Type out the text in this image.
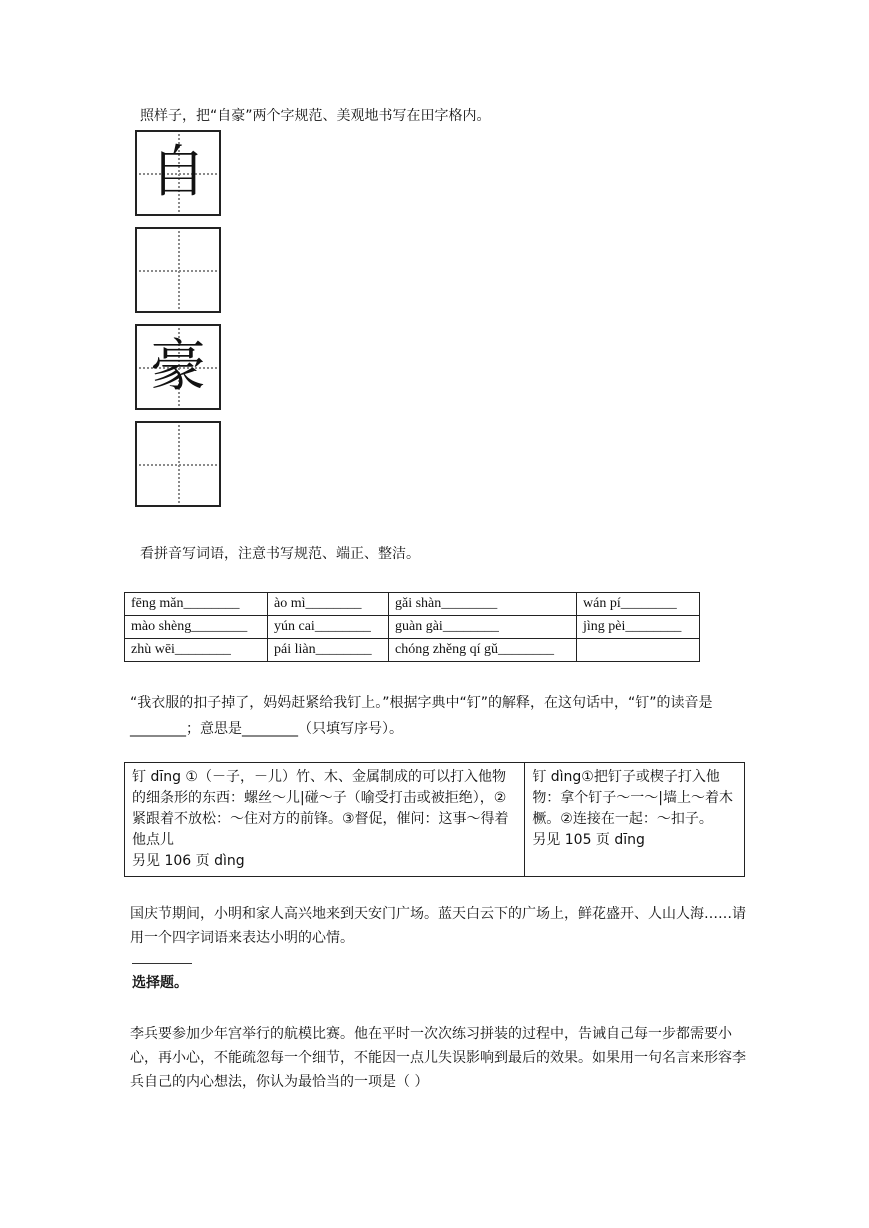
照样子，把“自豪”两个字规范、美观地书写在田字格内。

自
豪

看拼音写词语，注意书写规范、端正、整洁。

fēng mǎn________	ào mì________	gǎi shàn________	wán pí________
mào shèng________	yún cai________	guàn gài________	jìng pèi________
zhù wēi________	pái liàn________	chóng zhěng qí gǔ________	

“我衣服的扣子掉了，妈妈赶紧给我钉上。”根据字典中“钉”的解释，在这句话中，“钉”的读音是________；意思是________（只填写序号）。

钉 dīng ①（－子，－儿）竹、木、金属制成的可以打入他物的细条形的东西：螺丝～儿|碰～子（喻受打击或被拒绝），②紧跟着不放松：～住对方的前锋。③督促，催问：这事～得着他点儿
另见 106 页 dìng

钉 dìng①把钉子或楔子打入他物：拿个钉子～一～|墙上～着木橛。②连接在一起：～扣子。
另见 105 页 dīng

国庆节期间，小明和家人高兴地来到天安门广场。蓝天白云下的广场上，鲜花盛开、人山人海……请用一个四字词语来表达小明的心情。

选择题。

李兵要参加少年宫举行的航模比赛。他在平时一次次练习拼装的过程中，告诫自己每一步都需要小心，再小心，不能疏忽每一个细节，不能因一点儿失误影响到最后的效果。如果用一句名言来形容李兵自己的内心想法，你认为最恰当的一项是（ ）
